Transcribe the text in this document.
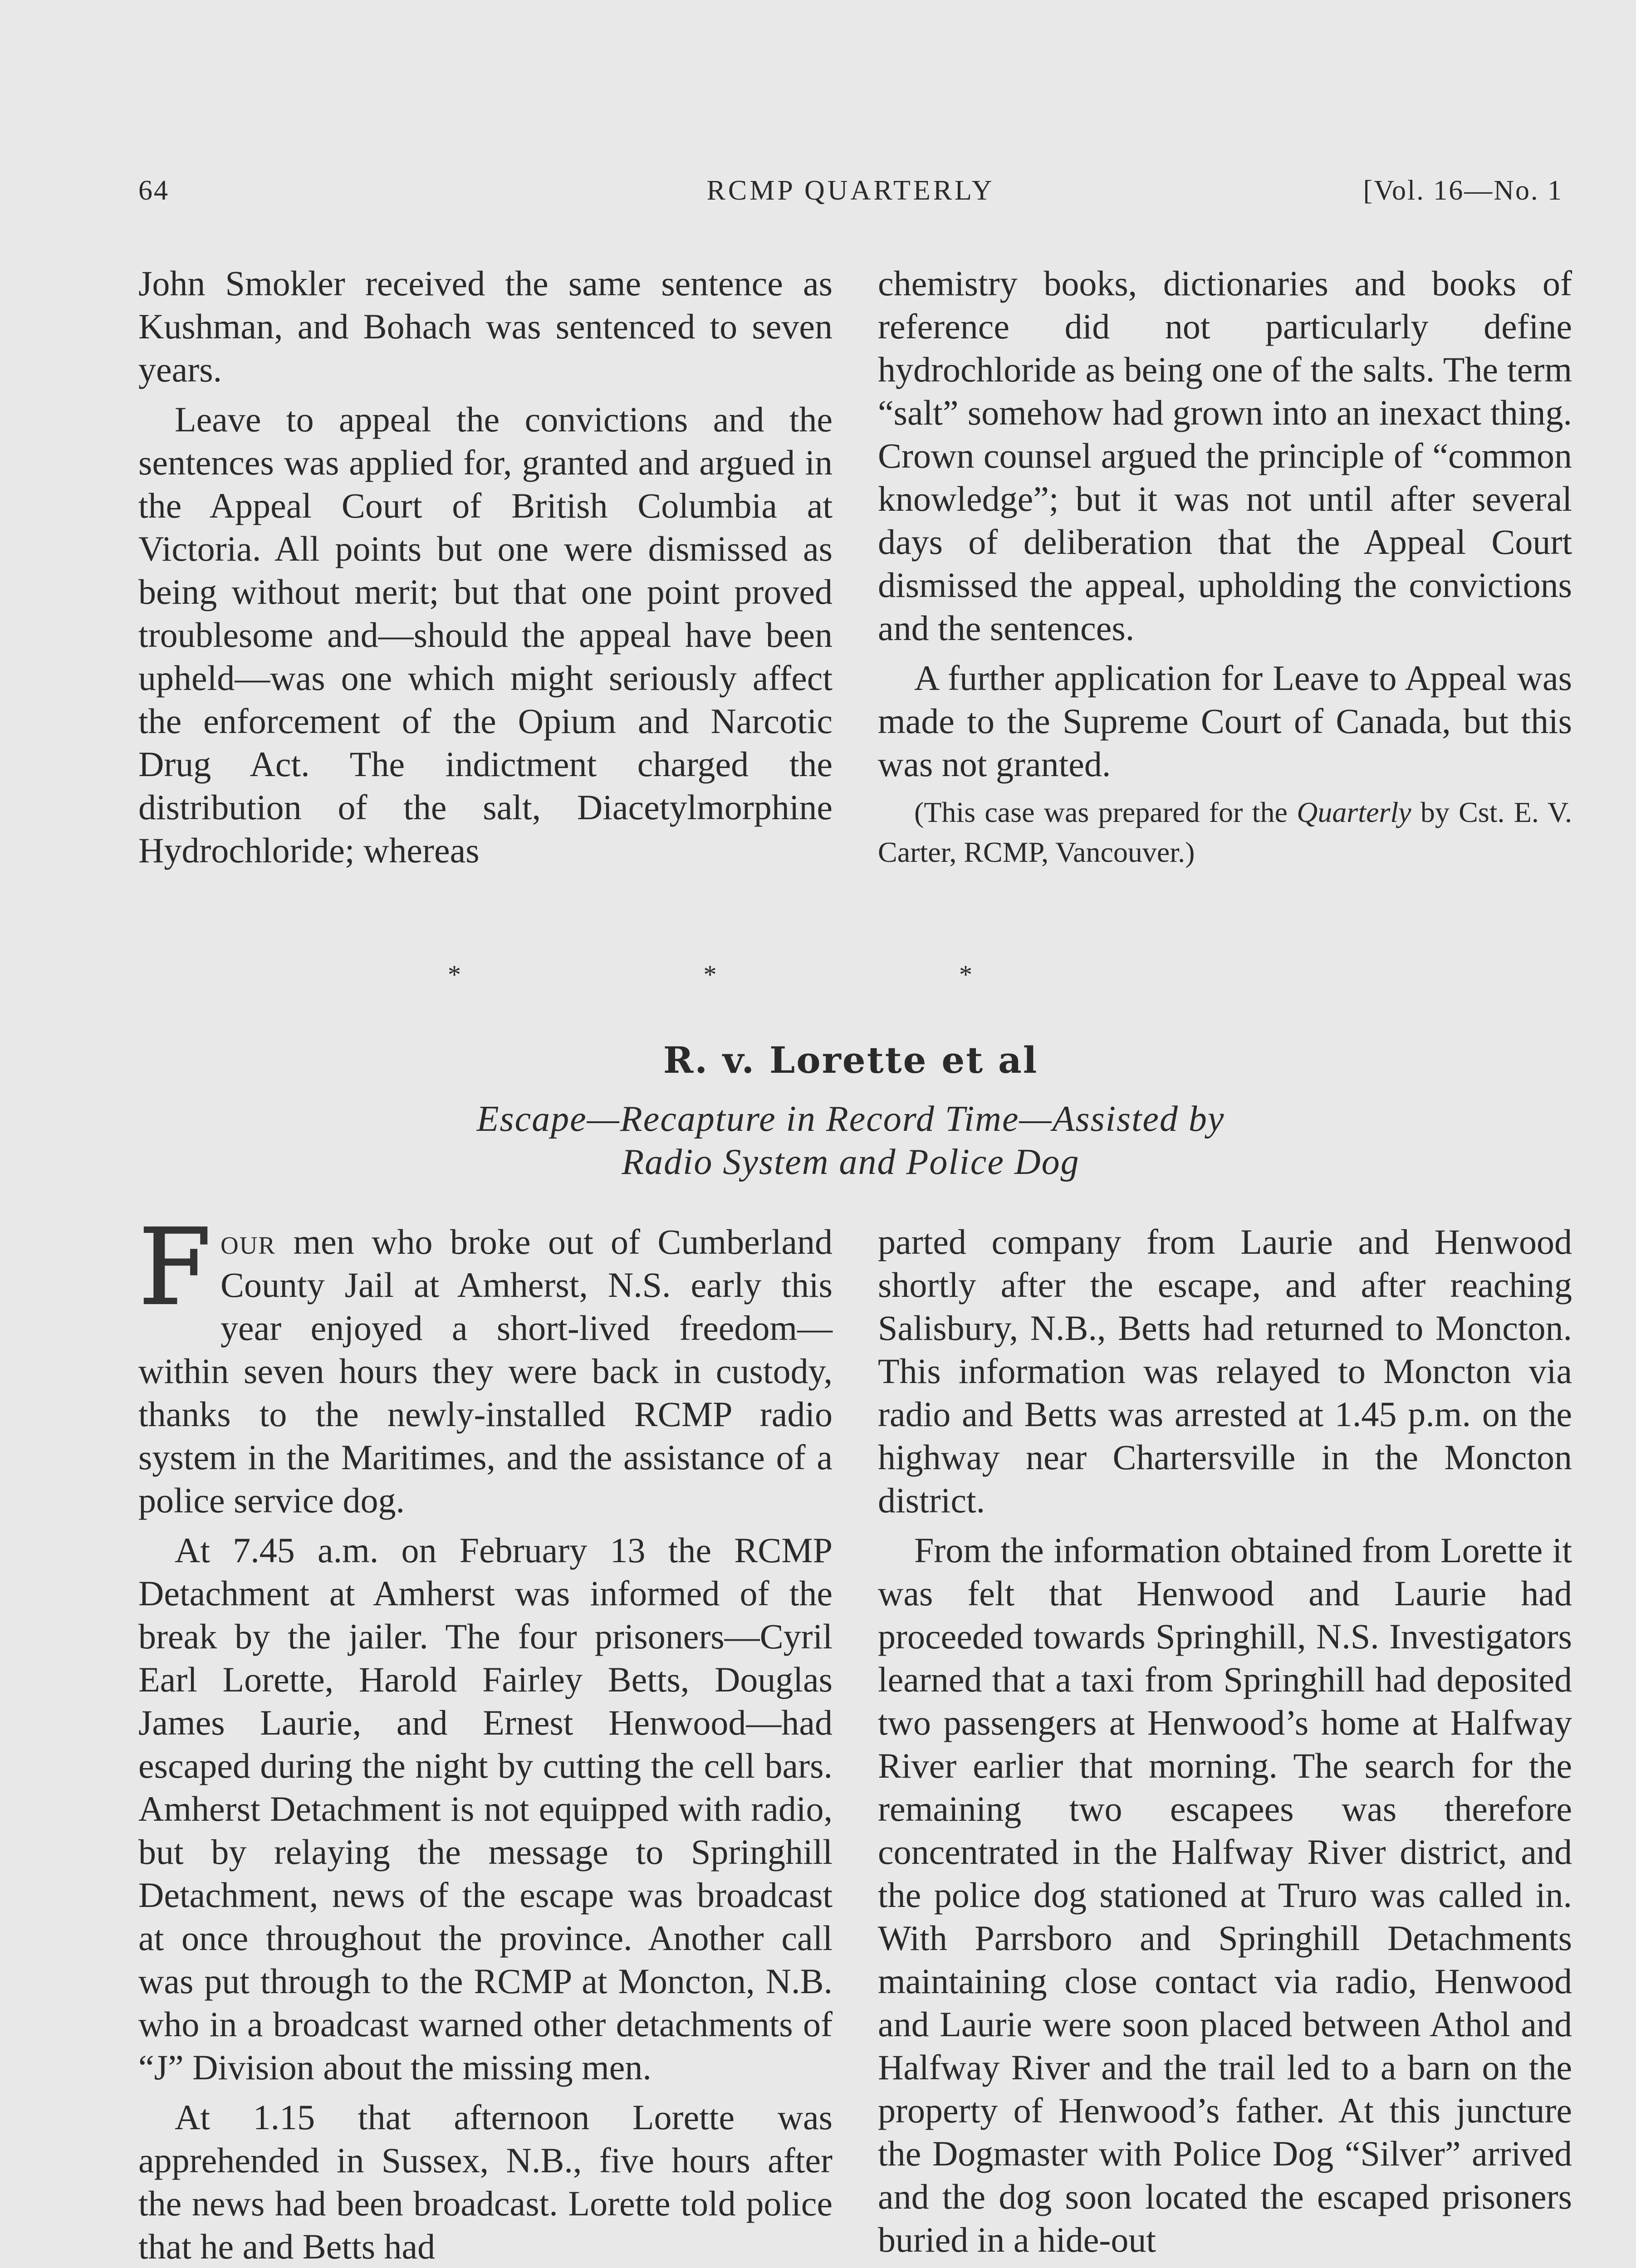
64	RCMP QUARTERLY	[Vol. 16—No. 1

John Smokler received the same sentence as Kushman, and Bohach was sentenced to seven years.

Leave to appeal the convictions and the sentences was applied for, granted and argued in the Appeal Court of British Columbia at Victoria. All points but one were dismissed as being without merit; but that one point proved troublesome and—should the appeal have been upheld—was one which might seriously affect the enforcement of the Opium and Narcotic Drug Act. The indictment charged the distribution of the salt, Diacetylmorphine Hydrochloride; whereas

chemistry books, dictionaries and books of reference did not particularly define hydrochloride as being one of the salts. The term “salt” somehow had grown into an inexact thing. Crown counsel argued the principle of “common knowledge”; but it was not until after several days of deliberation that the Appeal Court dismissed the appeal, upholding the convictions and the sentences.

A further application for Leave to Appeal was made to the Supreme Court of Canada, but this was not granted.

(This case was prepared for the Quarterly by Cst. E. V. Carter, RCMP, Vancouver.)

* * *
R. v. Lorette et al
Escape—Recapture in Record Time—Assisted by
Radio System and Police Dog

Four men who broke out of Cumberland County Jail at Amherst, N.S. early this year enjoyed a short-lived freedom—within seven hours they were back in custody, thanks to the newly-installed RCMP radio system in the Maritimes, and the assistance of a police service dog.

At 7.45 a.m. on February 13 the RCMP Detachment at Amherst was informed of the break by the jailer. The four prisoners—Cyril Earl Lorette, Harold Fairley Betts, Douglas James Laurie, and Ernest Henwood—had escaped during the night by cutting the cell bars. Amherst Detachment is not equipped with radio, but by relaying the message to Springhill Detachment, news of the escape was broadcast at once throughout the province. Another call was put through to the RCMP at Moncton, N.B. who in a broadcast warned other detachments of “J” Division about the missing men.

At 1.15 that afternoon Lorette was apprehended in Sussex, N.B., five hours after the news had been broadcast. Lorette told police that he and Betts had

parted company from Laurie and Henwood shortly after the escape, and after reaching Salisbury, N.B., Betts had returned to Moncton. This information was relayed to Moncton via radio and Betts was arrested at 1.45 p.m. on the highway near Chartersville in the Moncton district.

From the information obtained from Lorette it was felt that Henwood and Laurie had proceeded towards Springhill, N.S. Investigators learned that a taxi from Springhill had deposited two passengers at Henwood’s home at Halfway River earlier that morning. The search for the remaining two escapees was therefore concentrated in the Halfway River district, and the police dog stationed at Truro was called in. With Parrsboro and Springhill Detachments maintaining close contact via radio, Henwood and Laurie were soon placed between Athol and Halfway River and the trail led to a barn on the property of Henwood’s father. At this juncture the Dogmaster with Police Dog “Silver” arrived and the dog soon located the escaped prisoners buried in a hide-out
